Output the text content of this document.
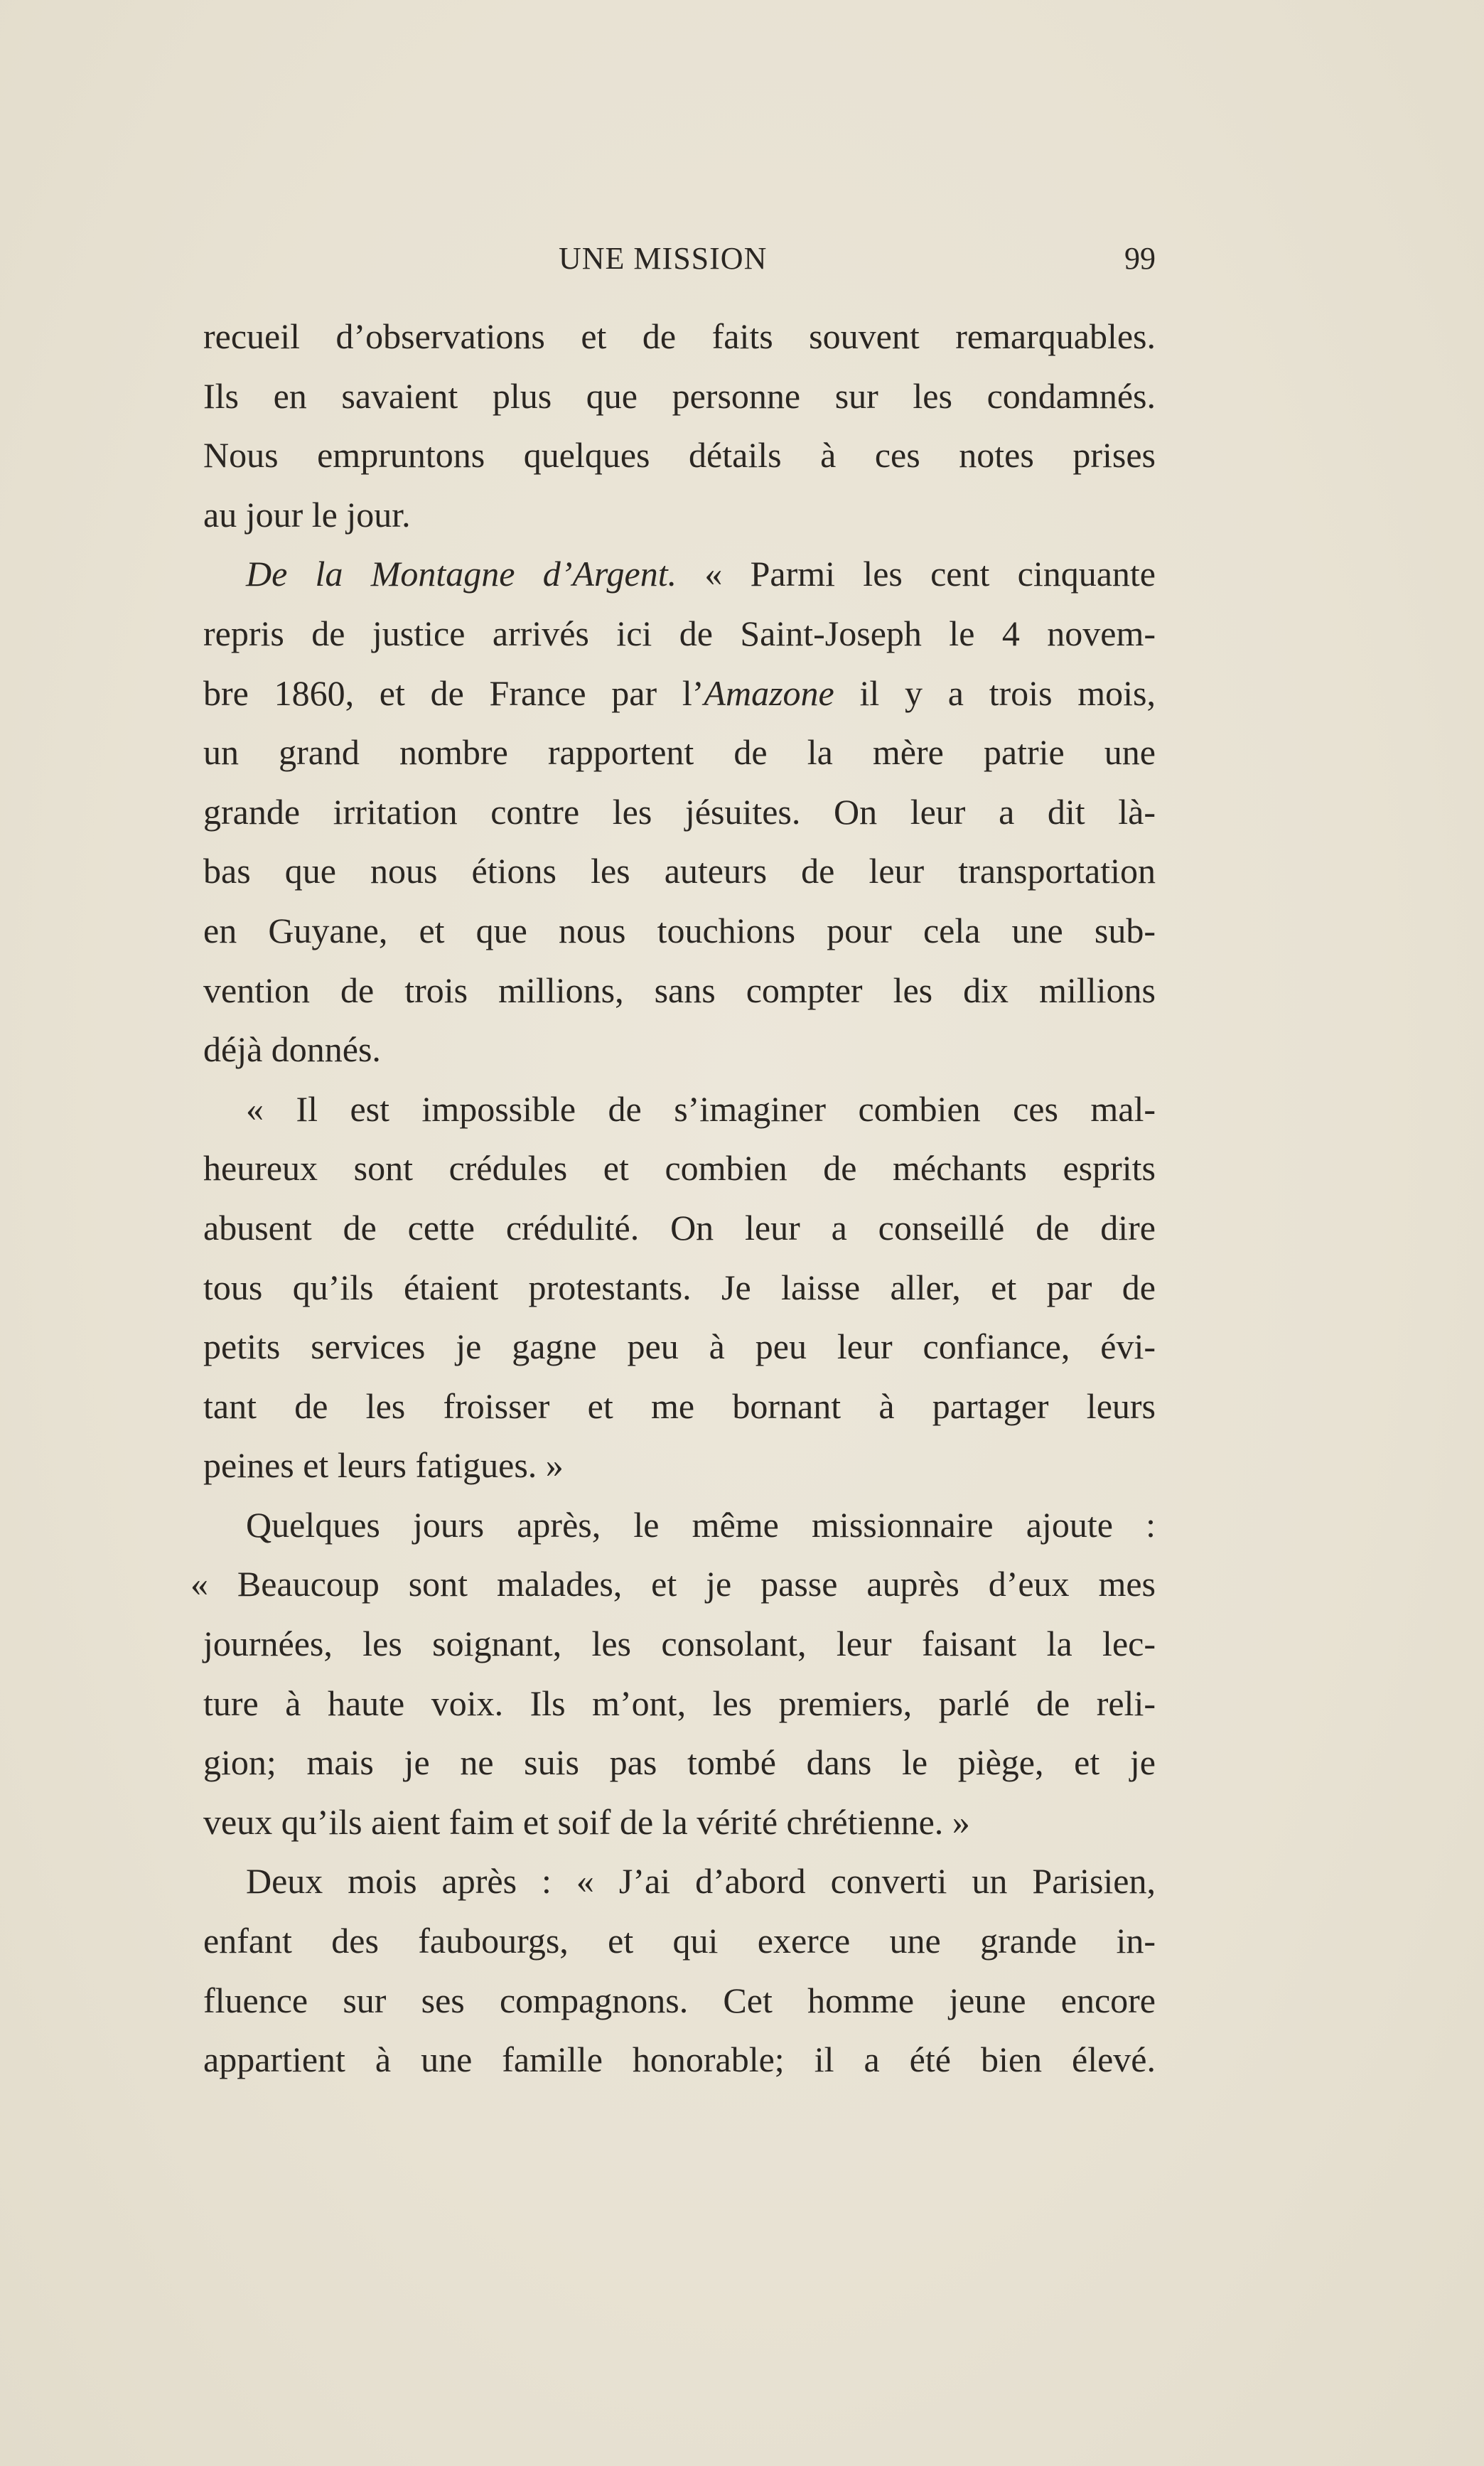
UNE MISSION	99
recueil d’observations et de faits souvent remarquables.
Ils en savaient plus que personne sur les condamnés.
Nous empruntons quelques détails à ces notes prises
au jour le jour.
De la Montagne d’Argent. « Parmi les cent cinquante
repris de justice arrivés ici de Saint-Joseph le 4 novem-
bre 1860, et de France par l’Amazone il y a trois mois,
un grand nombre rapportent de la mère patrie une
grande irritation contre les jésuites. On leur a dit là-
bas que nous étions les auteurs de leur transportation
en Guyane, et que nous touchions pour cela une sub-
vention de trois millions, sans compter les dix millions
déjà donnés.
« Il est impossible de s’imaginer combien ces mal-
heureux sont crédules et combien de méchants esprits
abusent de cette crédulité. On leur a conseillé de dire
tous qu’ils étaient protestants. Je laisse aller, et par de
petits services je gagne peu à peu leur confiance, évi-
tant de les froisser et me bornant à partager leurs
peines et leurs fatigues. »
Quelques jours après, le même missionnaire ajoute :
« Beaucoup sont malades, et je passe auprès d’eux mes
journées, les soignant, les consolant, leur faisant la lec-
ture à haute voix. Ils m’ont, les premiers, parlé de reli-
gion; mais je ne suis pas tombé dans le piège, et je
veux qu’ils aient faim et soif de la vérité chrétienne. »
Deux mois après : « J’ai d’abord converti un Parisien,
enfant des faubourgs, et qui exerce une grande in-
fluence sur ses compagnons. Cet homme jeune encore
appartient à une famille honorable; il a été bien élevé.
